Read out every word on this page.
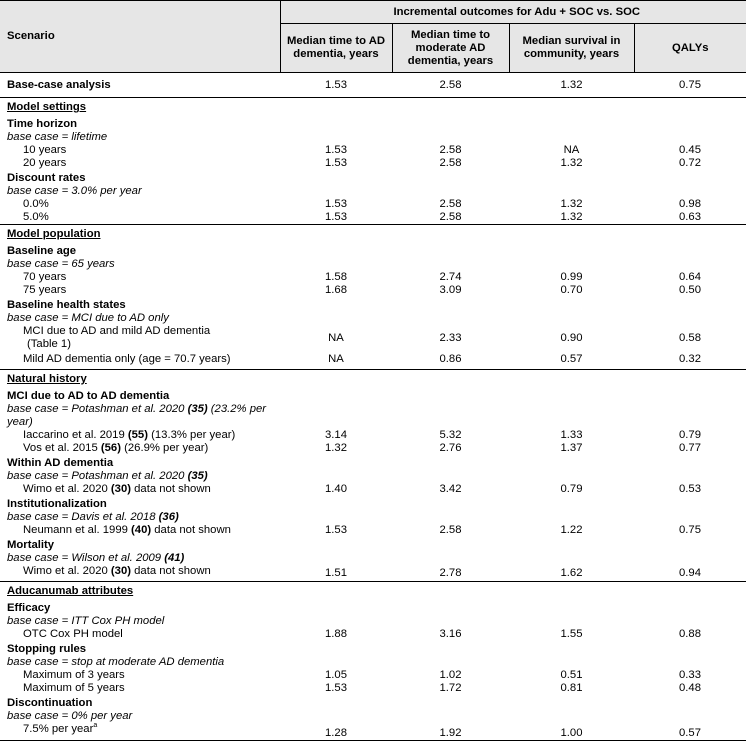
Scenario	Incremental outcomes for Adu + SOC vs. SOC			
	Median time to AD dementia, years	Median time to moderate AD dementia, years	Median survival in community, years	QALYs
Base-case analysis	1.53	2.58	1.32	0.75
Model settings				
Time horizon				
base case = lifetime				
10 years	1.53	2.58	NA	0.45
20 years	1.53	2.58	1.32	0.72
Discount rates				
base case = 3.0% per year				
0.0%	1.53	2.58	1.32	0.98
5.0%	1.53	2.58	1.32	0.63
Model population				
Baseline age				
base case = 65 years				
70 years	1.58	2.74	0.99	0.64
75 years	1.68	3.09	0.70	0.50
Baseline health states				
base case = MCI due to AD only				
MCI due to AD and mild AD dementia
(Table 1)	NA	2.33	0.90	0.58
Mild AD dementia only (age = 70.7 years)	NA	0.86	0.57	0.32
Natural history				
MCI due to AD to AD dementia				
base case = Potashman et al. 2020 (35) (23.2% per
year)				
Iaccarino et al. 2019 (55) (13.3% per year)	3.14	5.32	1.33	0.79
Vos et al. 2015 (56) (26.9% per year)	1.32	2.76	1.37	0.77
Within AD dementia				
base case = Potashman et al. 2020 (35)				
Wimo et al. 2020 (30) data not shown	1.40	3.42	0.79	0.53
Institutionalization				
base case = Davis et al. 2018 (36)				
Neumann et al. 1999 (40) data not shown	1.53	2.58	1.22	0.75
Mortality				
base case = Wilson et al. 2009 (41)				
Wimo et al. 2020 (30) data not shown	1.51	2.78	1.62	0.94
Aducanumab attributes				
Efficacy				
base case = ITT Cox PH model				
OTC Cox PH model	1.88	3.16	1.55	0.88
Stopping rules				
base case = stop at moderate AD dementia				
Maximum of 3 years	1.05	1.02	0.51	0.33
Maximum of 5 years	1.53	1.72	0.81	0.48
Discontinuation				
base case = 0% per year				
7.5% per year$^a$	1.28	1.92	1.00	0.57
